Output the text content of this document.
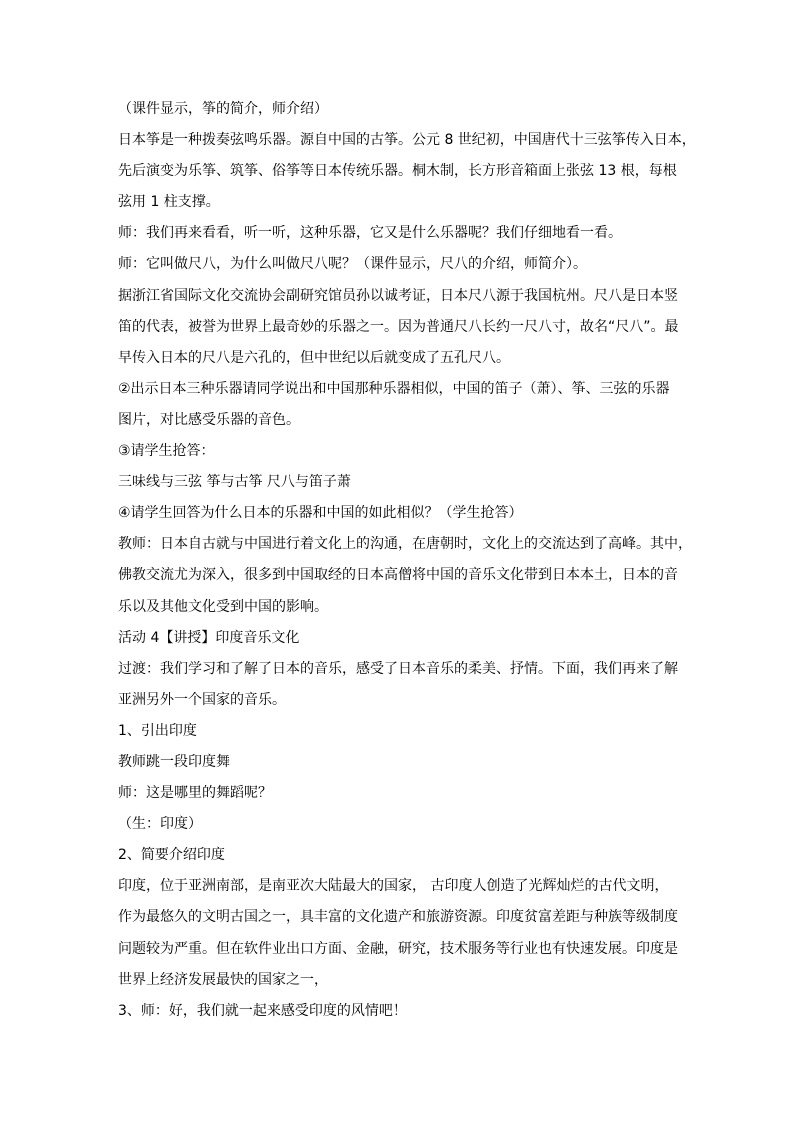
（课件显示，筝的简介，师介绍）
日本筝是一种拨奏弦鸣乐器。源自中国的古筝。公元 8 世纪初，中国唐代十三弦筝传入日本，
先后演变为乐筝、筑筝、俗筝等日本传统乐器。桐木制，长方形音箱面上张弦 13 根，每根
弦用 1 柱支撑。
师：我们再来看看，听一听，这种乐器，它又是什么乐器呢？我们仔细地看一看。
师：它叫做尺八，为什么叫做尺八呢？（课件显示，尺八的介绍，师简介）。
据浙江省国际文化交流协会副研究馆员孙以诚考证，日本尺八源于我国杭州。尺八是日本竖
笛的代表，被誉为世界上最奇妙的乐器之一。因为普通尺八长约一尺八寸，故名“尺八”。最
早传入日本的尺八是六孔的，但中世纪以后就变成了五孔尺八。
②出示日本三种乐器请同学说出和中国那种乐器相似，中国的笛子（萧）、筝、三弦的乐器
图片，对比感受乐器的音色。
③请学生抢答：
三味线与三弦 筝与古筝 尺八与笛子萧
④请学生回答为什么日本的乐器和中国的如此相似？（学生抢答）
教师：日本自古就与中国进行着文化上的沟通，在唐朝时，文化上的交流达到了高峰。其中，
佛教交流尤为深入，很多到中国取经的日本高僧将中国的音乐文化带到日本本土，日本的音
乐以及其他文化受到中国的影响。
活动 4【讲授】印度音乐文化
过渡：我们学习和了解了日本的音乐，感受了日本音乐的柔美、抒情。下面，我们再来了解
亚洲另外一个国家的音乐。
1、引出印度
教师跳一段印度舞
师：这是哪里的舞蹈呢？
（生：印度）
2、简要介绍印度
印度，位于亚洲南部，是南亚次大陆最大的国家， 古印度人创造了光辉灿烂的古代文明，
作为最悠久的文明古国之一，具丰富的文化遗产和旅游资源。印度贫富差距与种族等级制度
问题较为严重。但在软件业出口方面、金融，研究，技术服务等行业也有快速发展。印度是
世界上经济发展最快的国家之一，
3、师：好，我们就一起来感受印度的风情吧！
